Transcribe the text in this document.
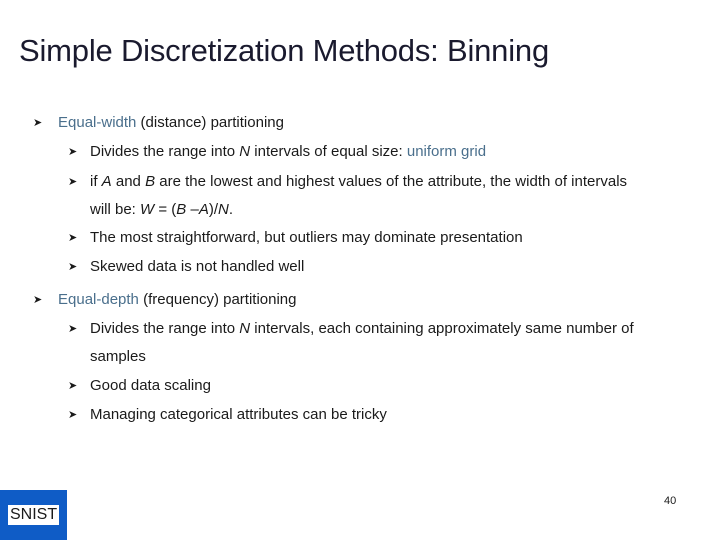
Simple Discretization Methods: Binning
➤ Equal-width (distance) partitioning
➤ Divides the range into N intervals of equal size: uniform grid
➤ if A and B are the lowest and highest values of the attribute, the width of intervals
will be: W = (B –A)/N.
➤ The most straightforward, but outliers may dominate presentation
➤ Skewed data is not handled well
➤ Equal-depth (frequency) partitioning
➤ Divides the range into N intervals, each containing approximately same number of
samples
➤ Good data scaling
➤ Managing categorical attributes can be tricky
SNIST
40
